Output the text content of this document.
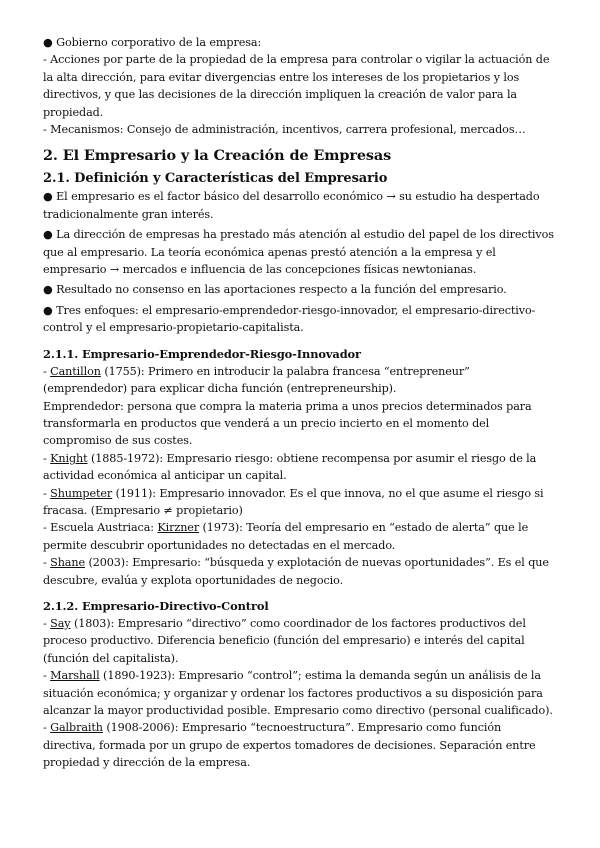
● Gobierno corporativo de la empresa:

- Acciones por parte de la propiedad de la empresa para controlar o vigilar la actuación de la alta dirección, para evitar divergencias entre los intereses de los propietarios y los directivos, y que las decisiones de la dirección impliquen la creación de valor para la propiedad.

- Mecanismos: Consejo de administración, incentivos, carrera profesional, mercados…

2. El Empresario y la Creación de Empresas
2.1. Definición y Características del Empresario

● El empresario es el factor básico del desarrollo económico → su estudio ha despertado tradicionalmente gran interés.

● La dirección de empresas ha prestado más atención al estudio del papel de los directivos que al empresario. La teoría económica apenas prestó atención a la empresa y el empresario → mercados e influencia de las concepciones físicas newtonianas.

● Resultado no consenso en las aportaciones respecto a la función del empresario.

● Tres enfoques: el empresario-emprendedor-riesgo-innovador, el empresario-directivo-control y el empresario-propietario-capitalista.

2.1.1. Empresario-Emprendedor-Riesgo-Innovador

- Cantillon (1755): Primero en introducir la palabra francesa “entrepreneur” (emprendedor) para explicar dicha función (entrepreneurship).

Emprendedor: persona que compra la materia prima a unos precios determinados para transformarla en productos que venderá a un precio incierto en el momento del compromiso de sus costes.

- Knight (1885-1972): Empresario riesgo: obtiene recompensa por asumir el riesgo de la actividad económica al anticipar un capital.

- Shumpeter (1911): Empresario innovador. Es el que innova, no el que asume el riesgo si fracasa. (Empresario ≠ propietario)

- Escuela Austriaca: Kirzner (1973): Teoría del empresario en “estado de alerta” que le permite descubrir oportunidades no detectadas en el mercado.

- Shane (2003): Empresario: “búsqueda y explotación de nuevas oportunidades”. Es el que descubre, evalúa y explota oportunidades de negocio.

2.1.2. Empresario-Directivo-Control

- Say (1803): Empresario “directivo” como coordinador de los factores productivos del proceso productivo. Diferencia beneficio (función del empresario) e interés del capital (función del capitalista).

- Marshall (1890-1923): Empresario “control”; estima la demanda según un análisis de la situación económica; y organizar y ordenar los factores productivos a su disposición para alcanzar la mayor productividad posible. Empresario como directivo (personal cualificado).

- Galbraith (1908-2006): Empresario “tecnoestructura”. Empresario como función directiva, formada por un grupo de expertos tomadores de decisiones. Separación entre propiedad y dirección de la empresa.
